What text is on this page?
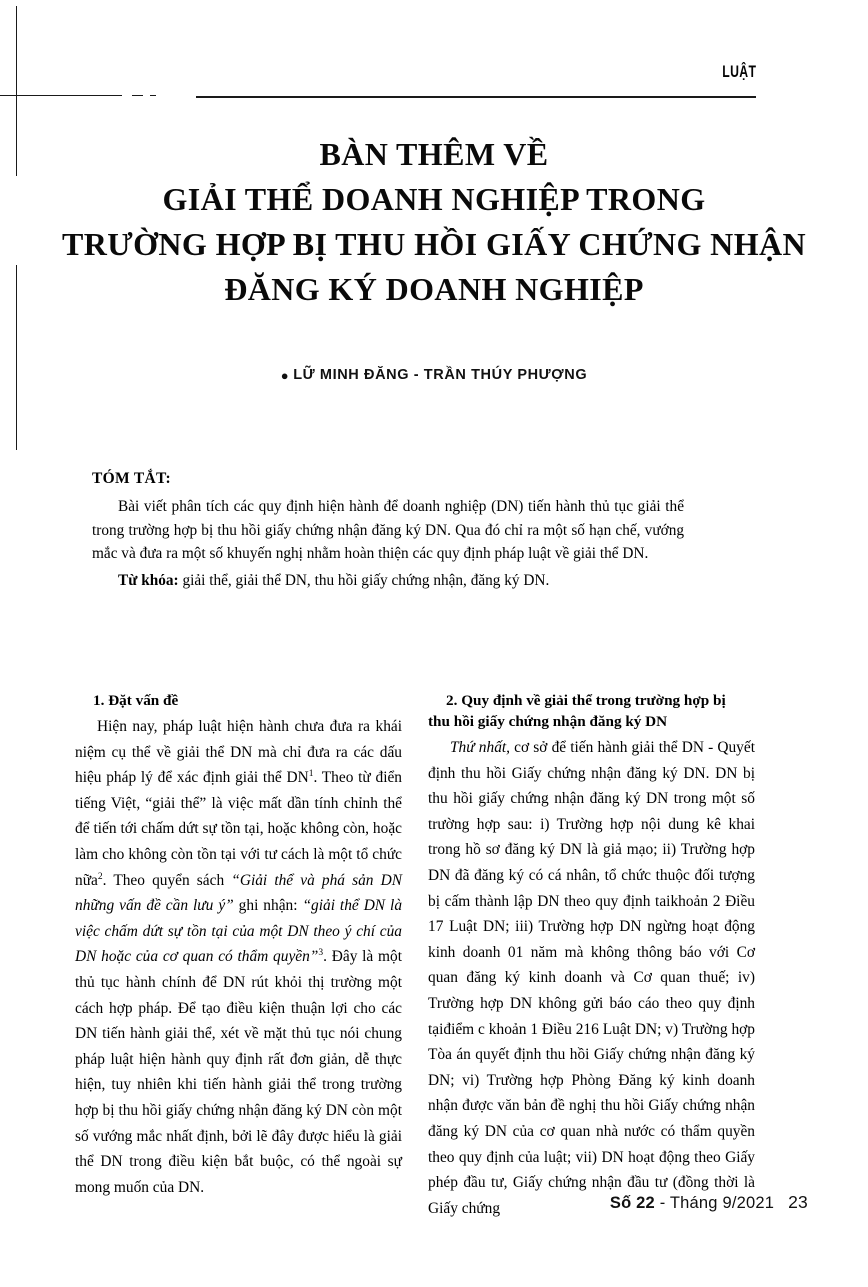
LUẬT
BÀN THÊM VỀ
GIẢI THỂ DOANH NGHIỆP TRONG
TRƯỜNG HỢP BỊ THU HỒI GIẤY CHỨNG NHẬN
ĐĂNG KÝ DOANH NGHIỆP
● LỮ MINH ĐĂNG - TRẦN THÚY PHƯỢNG
TÓM TẮT:
Bài viết phân tích các quy định hiện hành để doanh nghiệp (DN) tiến hành thủ tục giải thể trong trường hợp bị thu hồi giấy chứng nhận đăng ký DN. Qua đó chỉ ra một số hạn chế, vướng mắc và đưa ra một số khuyến nghị nhằm hoàn thiện các quy định pháp luật về giải thể DN.
Từ khóa: giải thể, giải thể DN, thu hồi giấy chứng nhận, đăng ký DN.
1. Đặt vấn đề

Hiện nay, pháp luật hiện hành chưa đưa ra khái niệm cụ thể về giải thể DN mà chỉ đưa ra các dấu hiệu pháp lý để xác định giải thể $DN^1$. Theo từ điển tiếng Việt, “giải thể” là việc mất dần tính chỉnh thể để tiến tới chấm dứt sự tồn tại, hoặc không còn, hoặc làm cho không còn tồn tại với tư cách là một tổ chức nữa$^2$. Theo quyển sách “Giải thể và phá sản DN những vấn đề cần lưu ý” ghi nhận: “giải thể DN là việc chấm dứt sự tồn tại của một DN theo ý chí của DN hoặc của cơ quan có thẩm quyền”$^3$. Đây là một thủ tục hành chính để DN rút khỏi thị trường một cách hợp pháp. Để tạo điều kiện thuận lợi cho các DN tiến hành giải thể, xét về mặt thủ tục nói chung pháp luật hiện hành quy định rất đơn giản, dễ thực hiện, tuy nhiên khi tiến hành giải thể trong trường hợp bị thu hồi giấy chứng nhận đăng ký DN còn một số vướng mắc nhất định, bởi lẽ đây được hiểu là giải thể DN trong điều kiện bắt buộc, có thể ngoài sự mong muốn của DN.

2. Quy định về giải thể trong trường hợp bị
thu hồi giấy chứng nhận đăng ký DN

Thứ nhất, cơ sở để tiến hành giải thể DN - Quyết định thu hồi Giấy chứng nhận đăng ký DN. DN bị thu hồi giấy chứng nhận đăng ký DN trong một số trường hợp sau: i) Trường hợp nội dung kê khai trong hồ sơ đăng ký DN là giả mạo; ii) Trường hợp DN đã đăng ký có cá nhân, tổ chức thuộc đối tượng bị cấm thành lập DN theo quy định taikhoản 2 Điều 17 Luật DN; iii) Trường hợp DN ngừng hoạt động kinh doanh 01 năm mà không thông báo với Cơ quan đăng ký kinh doanh và Cơ quan thuế; iv) Trường hợp DN không gửi báo cáo theo quy định tạiđiểm c khoản 1 Điều 216 Luật DN; v) Trường hợp Tòa án quyết định thu hồi Giấy chứng nhận đăng ký DN; vi) Trường hợp Phòng Đăng ký kinh doanh nhận được văn bản đề nghị thu hồi Giấy chứng nhận đăng ký DN của cơ quan nhà nước có thẩm quyền theo quy định của luật; vii) DN hoạt động theo Giấy phép đầu tư, Giấy chứng nhận đầu tư (đồng thời là Giấy chứng	Số 22 - Tháng 9/2021 23
